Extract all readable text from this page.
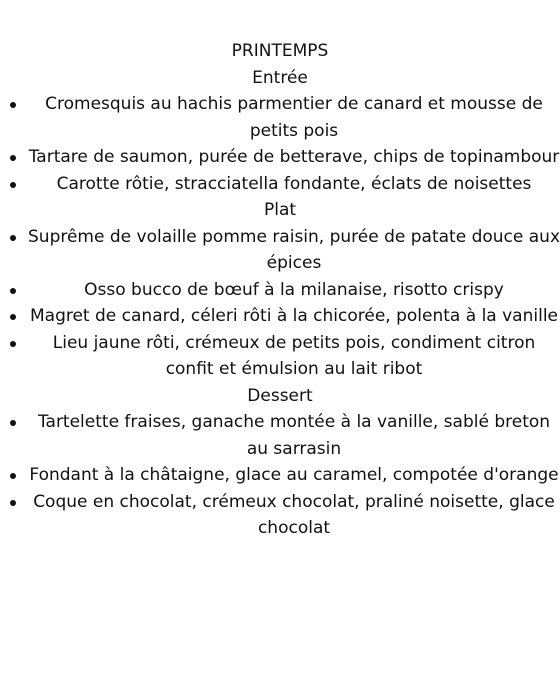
PRINTEMPS
Entrée
Cromesquis au hachis parmentier de canard et mousse de petits pois
Tartare de saumon, purée de betterave, chips de topinambour
Carotte rôtie, stracciatella fondante, éclats de noisettes
Plat
Suprême de volaille pomme raisin, purée de patate douce aux épices
Osso bucco de bœuf à la milanaise, risotto crispy
Magret de canard, céleri rôti à la chicorée, polenta à la vanille
Lieu jaune rôti, crémeux de petits pois, condiment citron confit et émulsion au lait ribot
Dessert
Tartelette fraises, ganache montée à la vanille, sablé breton au sarrasin
Fondant à la châtaigne, glace au caramel, compotée d'orange
Coque en chocolat, crémeux chocolat, praliné noisette, glace chocolat
